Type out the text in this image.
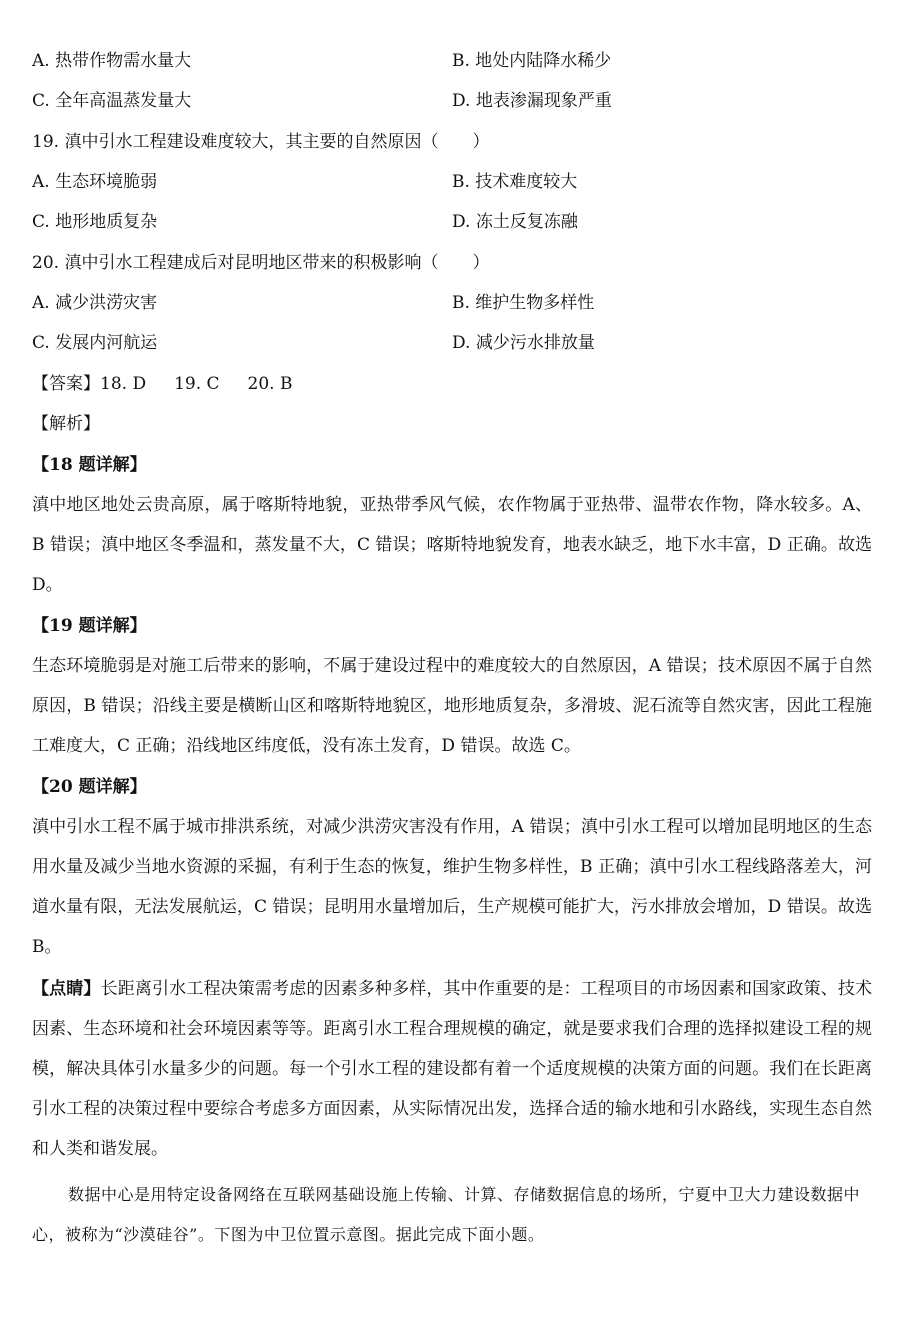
A. 热带作物需水量大	B. 地处内陆降水稀少
C. 全年高温蒸发量大	D. 地表渗漏现象严重
19. 滇中引水工程建设难度较大，其主要的自然原因（　　）
A. 生态环境脆弱	B. 技术难度较大
C. 地形地质复杂	D. 冻土反复冻融
20. 滇中引水工程建成后对昆明地区带来的积极影响（　　）
A. 减少洪涝灾害	B. 维护生物多样性
C. 发展内河航运	D. 减少污水排放量
【答案】18. D 19. C 20. B
【解析】
【18 题详解】
滇中地区地处云贵高原，属于喀斯特地貌，亚热带季风气候，农作物属于亚热带、温带农作物，降水较多。A、B 错误；滇中地区冬季温和，蒸发量不大，C 错误；喀斯特地貌发育，地表水缺乏，地下水丰富，D 正确。故选 D。
【19 题详解】
生态环境脆弱是对施工后带来的影响，不属于建设过程中的难度较大的自然原因，A 错误；技术原因不属于自然原因，B 错误；沿线主要是横断山区和喀斯特地貌区，地形地质复杂，多滑坡、泥石流等自然灾害，因此工程施工难度大，C 正确；沿线地区纬度低，没有冻土发育，D 错误。故选 C。
【20 题详解】
滇中引水工程不属于城市排洪系统，对减少洪涝灾害没有作用，A 错误；滇中引水工程可以增加昆明地区的生态用水量及减少当地水资源的采掘，有利于生态的恢复，维护生物多样性，B 正确；滇中引水工程线路落差大，河道水量有限，无法发展航运，C 错误；昆明用水量增加后，生产规模可能扩大，污水排放会增加，D 错误。故选 B。
【点睛】长距离引水工程决策需考虑的因素多种多样，其中作重要的是：工程项目的市场因素和国家政策、技术因素、生态环境和社会环境因素等等。距离引水工程合理规模的确定，就是要求我们合理的选择拟建设工程的规模，解决具体引水量多少的问题。每一个引水工程的建设都有着一个适度规模的决策方面的问题。我们在长距离引水工程的决策过程中要综合考虑多方面因素，从实际情况出发，选择合适的输水地和引水路线，实现生态自然和人类和谐发展。
数据中心是用特定设备网络在互联网基础设施上传输、计算、存储数据信息的场所，宁夏中卫大力建设数据中心，被称为“沙漠硅谷”。下图为中卫位置示意图。据此完成下面小题。
